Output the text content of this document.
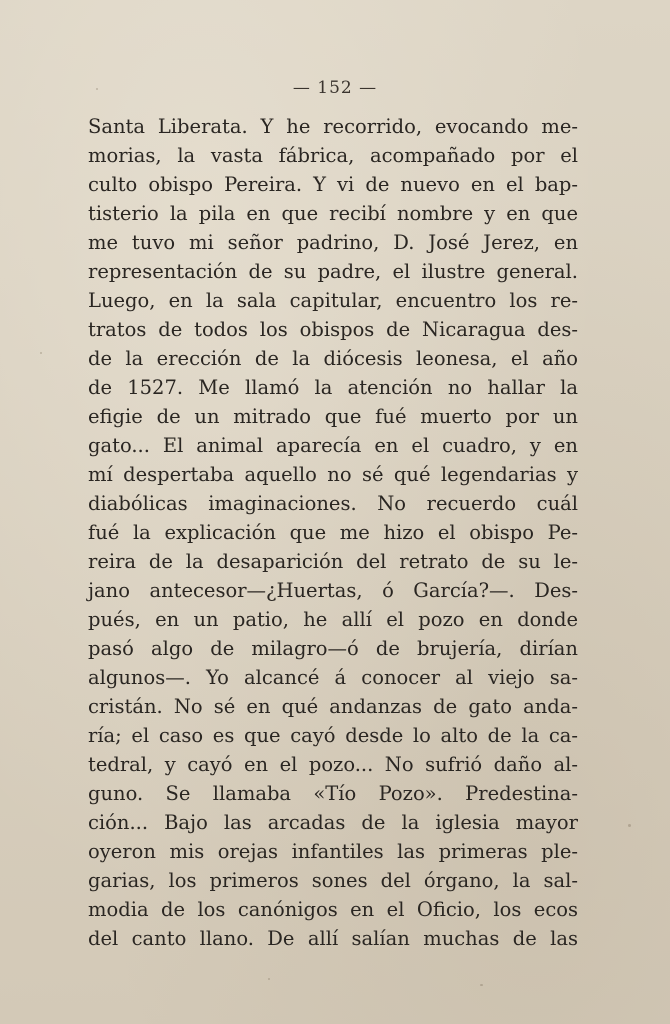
— 152 —
Santa Liberata. Y he recorrido, evocando me-
morias, la vasta fábrica, acompañado por el
culto obispo Pereira. Y vi de nuevo en el bap-
tisterio la pila en que recibí nombre y en que
me tuvo mi señor padrino, D. José Jerez, en
representación de su padre, el ilustre general.
Luego, en la sala capitular, encuentro los re-
tratos de todos los obispos de Nicaragua des-
de la erección de la diócesis leonesa, el año
de 1527. Me llamó la atención no hallar la
efigie de un mitrado que fué muerto por un
gato... El animal aparecía en el cuadro, y en
mí despertaba aquello no sé qué legendarias y
diabólicas imaginaciones. No recuerdo cuál
fué la explicación que me hizo el obispo Pe-
reira de la desaparición del retrato de su le-
jano antecesor—¿Huertas, ó García?—. Des-
pués, en un patio, he allí el pozo en donde
pasó algo de milagro—ó de brujería, dirían
algunos—. Yo alcancé á conocer al viejo sa-
cristán. No sé en qué andanzas de gato anda-
ría; el caso es que cayó desde lo alto de la ca-
tedral, y cayó en el pozo... No sufrió daño al-
guno. Se llamaba «Tío Pozo». Predestina-
ción... Bajo las arcadas de la iglesia mayor
oyeron mis orejas infantiles las primeras ple-
garias, los primeros sones del órgano, la sal-
modia de los canónigos en el Oficio, los ecos
del canto llano. De allí salían muchas de las
